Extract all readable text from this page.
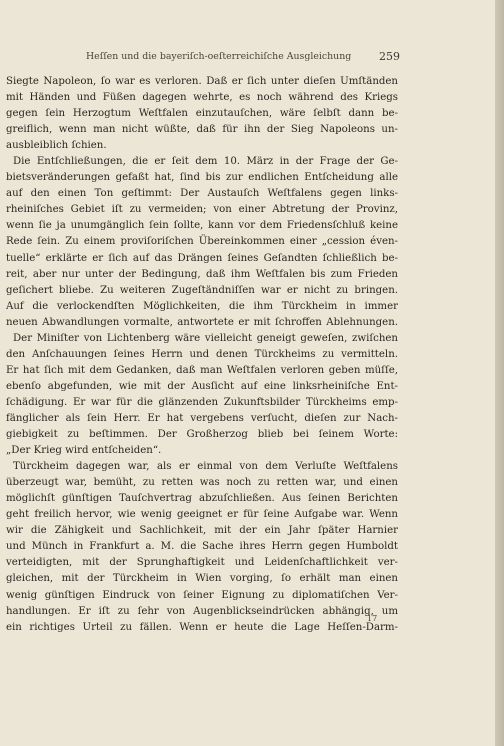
Heſſen und die bayeriſch-oeſterreichiſche Ausgleichung	259
Siegte Napoleon, ſo war es verloren. Daß er ſich unter dieſen Umſtänden
mit Händen und Füßen dagegen wehrte, es noch während des Kriegs
gegen ſein Herzogtum Weſtfalen einzutauſchen, wäre ſelbſt dann be-
greiflich, wenn man nicht wüßte, daß für ihn der Sieg Napoleons un-
ausbleiblich ſchien.
Die Entſchließungen, die er ſeit dem 10. März in der Frage der Ge-
bietsveränderungen gefaßt hat, ſind bis zur endlichen Entſcheidung alle
auf den einen Ton geſtimmt: Der Austauſch Weſtfalens gegen links-
rheiniſches Gebiet iſt zu vermeiden; von einer Abtretung der Provinz,
wenn ſie ja unumgänglich ſein ſollte, kann vor dem Friedensſchluß keine
Rede ſein. Zu einem proviſoriſchen Übereinkommen einer „cession éven-
tuelle“ erklärte er ſich auf das Drängen ſeines Geſandten ſchließlich be-
reit, aber nur unter der Bedingung, daß ihm Weſtfalen bis zum Frieden
geſichert bliebe. Zu weiteren Zugeſtändniſſen war er nicht zu bringen.
Auf die verlockendſten Möglichkeiten, die ihm Türckheim in immer
neuen Abwandlungen vormalte, antwortete er mit ſchroffen Ablehnungen.
Der Miniſter von Lichtenberg wäre vielleicht geneigt geweſen, zwiſchen
den Anſchauungen ſeines Herrn und denen Türckheims zu vermitteln.
Er hat ſich mit dem Gedanken, daß man Weſtfalen verloren geben müſſe,
ebenſo abgefunden, wie mit der Ausſicht auf eine linksrheiniſche Ent-
ſchädigung. Er war für die glänzenden Zukunftsbilder Türckheims emp-
fänglicher als ſein Herr. Er hat vergebens verſucht, dieſen zur Nach-
giebigkeit zu beſtimmen. Der Großherzog blieb bei ſeinem Worte:
„Der Krieg wird entſcheiden“.
Türckheim dagegen war, als er einmal von dem Verluſte Weſtfalens
überzeugt war, bemüht, zu retten was noch zu retten war, und einen
möglichſt günſtigen Tauſchvertrag abzuſchließen. Aus ſeinen Berichten
geht freilich hervor, wie wenig geeignet er für ſeine Aufgabe war. Wenn
wir die Zähigkeit und Sachlichkeit, mit der ein Jahr ſpäter Harnier
und Münch in Frankfurt a. M. die Sache ihres Herrn gegen Humboldt
verteidigten, mit der Sprunghaftigkeit und Leidenſchaftlichkeit ver-
gleichen, mit der Türckheim in Wien vorging, ſo erhält man einen
wenig günſtigen Eindruck von ſeiner Eignung zu diplomatiſchen Ver-
handlungen. Er iſt zu ſehr von Augenblickseindrücken abhängig, um
ein richtiges Urteil zu fällen. Wenn er heute die Lage Heſſen-Darm-
17
